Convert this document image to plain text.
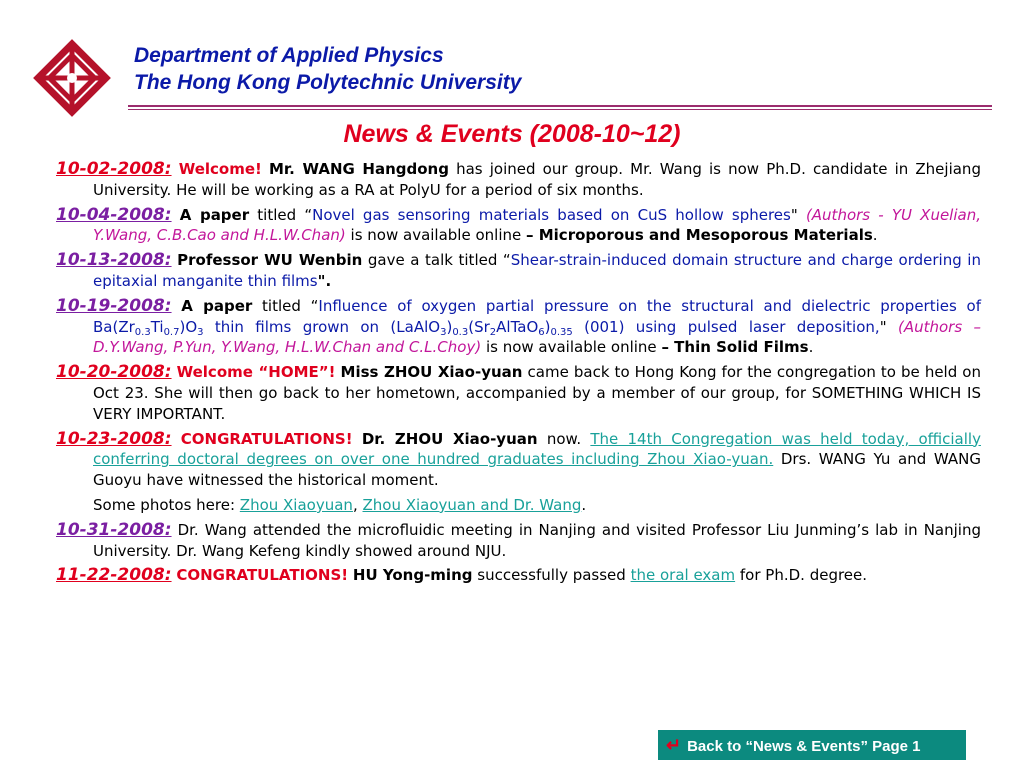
Department of Applied Physics
The Hong Kong Polytechnic University
News & Events (2008-10~12)
10-02-2008: Welcome! Mr. WANG Hangdong has joined our group. Mr. Wang is now Ph.D. candidate in Zhejiang University. He will be working as a RA at PolyU for a period of six months.
10-04-2008: A paper titled “Novel gas sensoring materials based on CuS hollow spheres" (Authors - YU Xuelian, Y.Wang, C.B.Cao and H.L.W.Chan) is now available online – Microporous and Mesoporous Materials.
10-13-2008: Professor WU Wenbin gave a talk titled “Shear-strain-induced domain structure and charge ordering in epitaxial manganite thin films".
10-19-2008: A paper titled “Influence of oxygen partial pressure on the structural and dielectric properties of $Ba(Zr_{0.3}Ti_{0.7})O_3$ thin films grown on $(LaAlO_3)_{0.3}(Sr_2AlTaO_6)_{0.35}$ (001) using pulsed laser deposition," (Authors – D.Y.Wang, P.Yun, Y.Wang, H.L.W.Chan and C.L.Choy) is now available online – Thin Solid Films.
10-20-2008: Welcome “HOME”! Miss ZHOU Xiao-yuan came back to Hong Kong for the congregation to be held on Oct 23. She will then go back to her hometown, accompanied by a member of our group, for SOMETHING WHICH IS VERY IMPORTANT.
10-23-2008: CONGRATULATIONS! Dr. ZHOU Xiao-yuan now. The 14th Congregation was held today, officially conferring doctoral degrees on over one hundred graduates including Zhou Xiao-yuan. Drs. WANG Yu and WANG Guoyu have witnessed the historical moment.
Some photos here: Zhou Xiaoyuan, Zhou Xiaoyuan and Dr. Wang.
10-31-2008: Dr. Wang attended the microfluidic meeting in Nanjing and visited Professor Liu Junming’s lab in Nanjing University. Dr. Wang Kefeng kindly showed around NJU.
11-22-2008: CONGRATULATIONS! HU Yong-ming successfully passed the oral exam for Ph.D. degree.
↵ Back to “News & Events” Page 1
